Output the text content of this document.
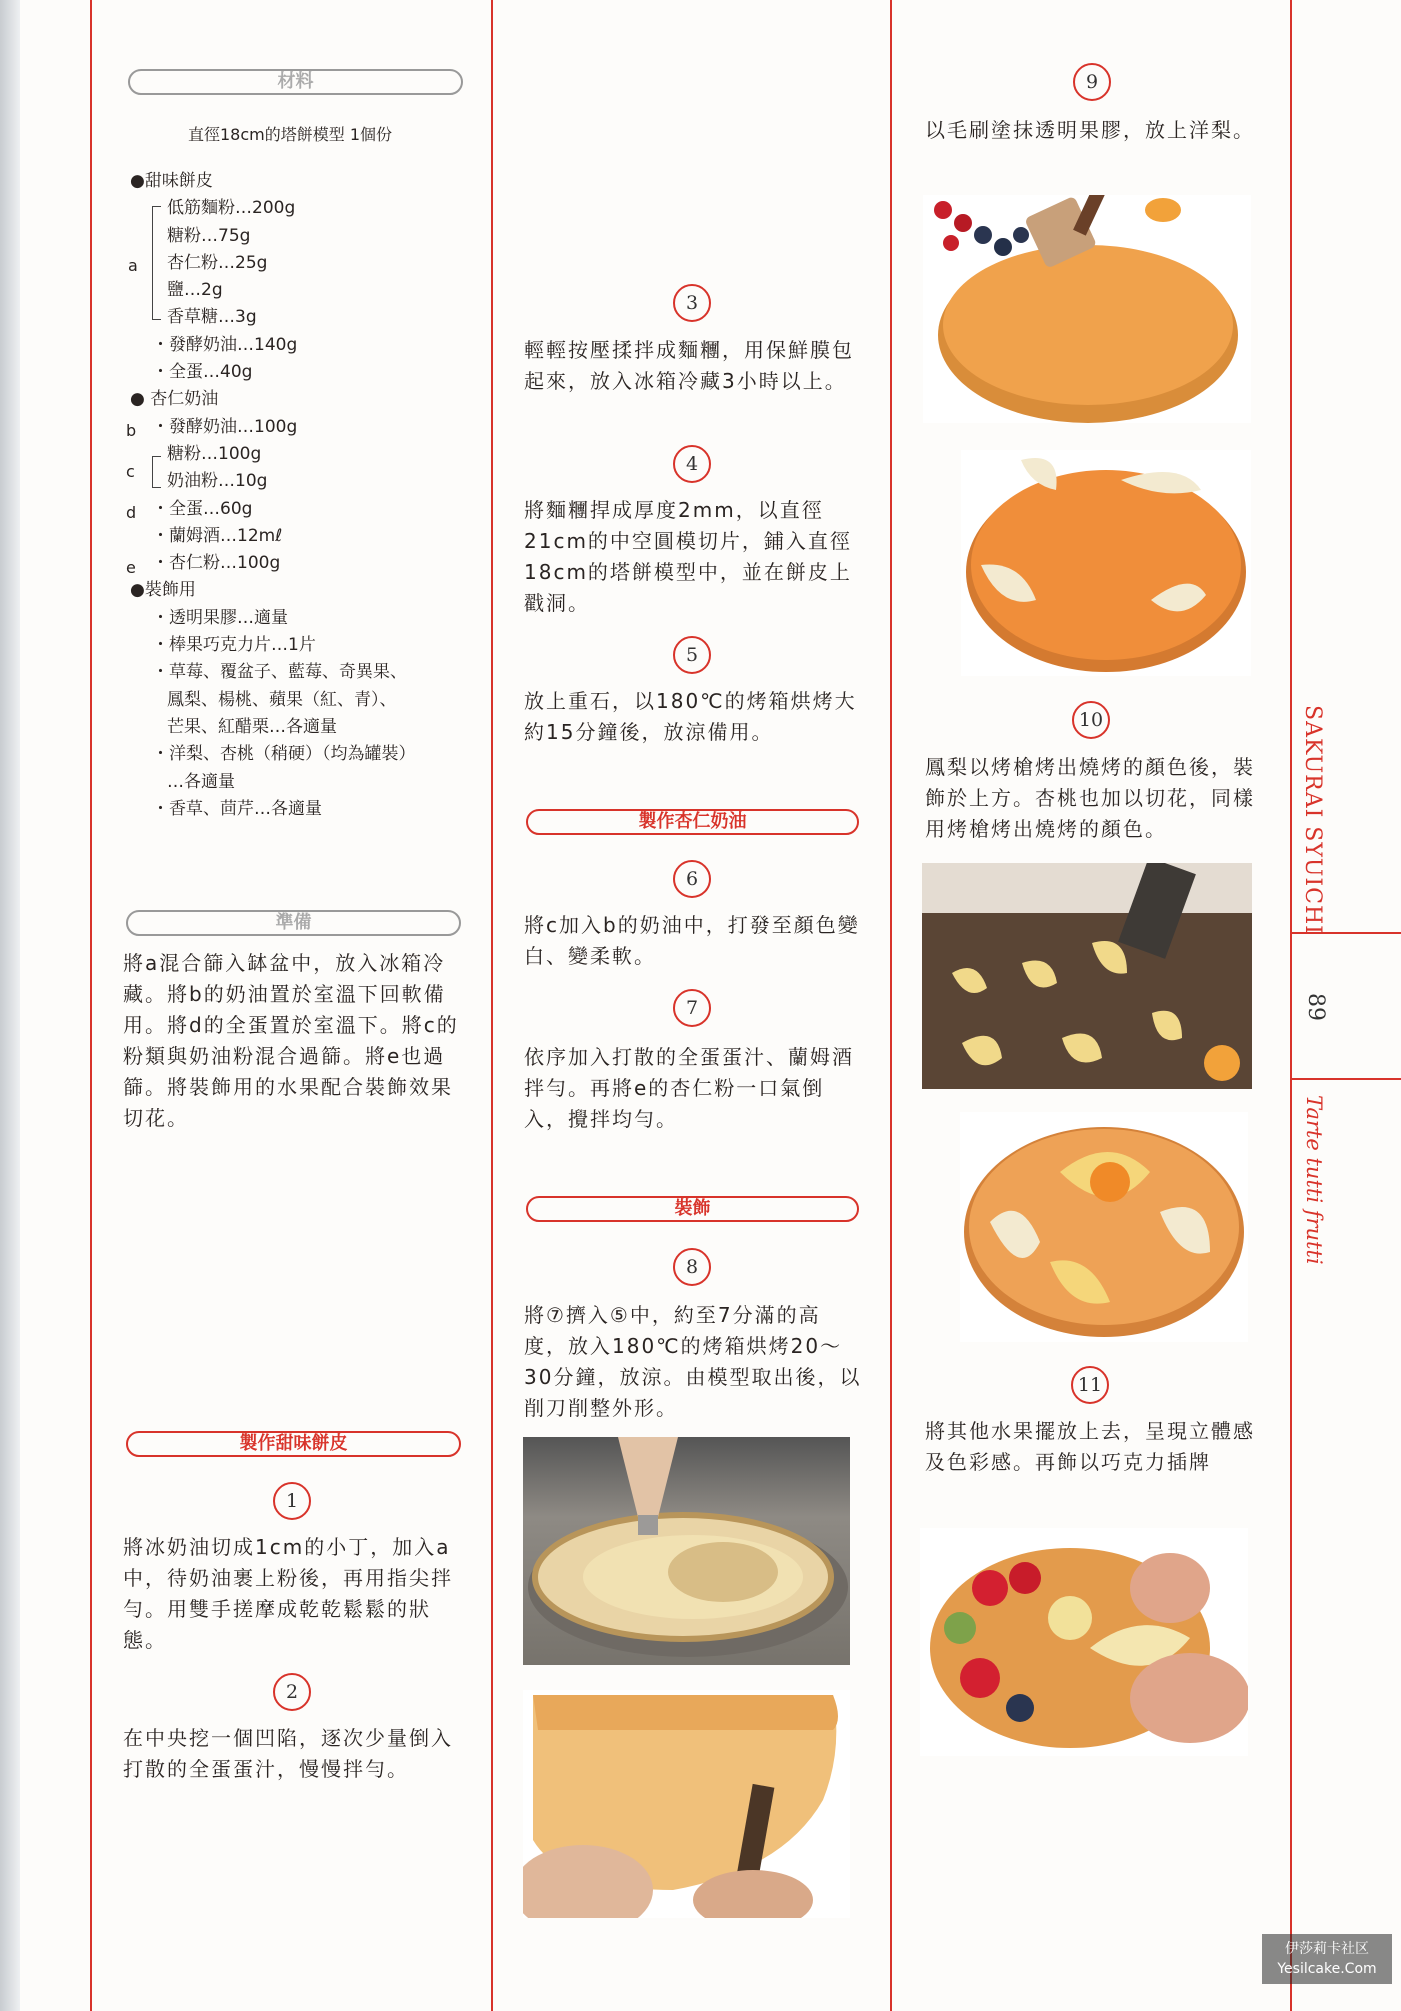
材料
直徑18cm的塔餅模型 1個份
●甜味餅皮
低筋麵粉…200g
糖粉…75g
杏仁粉…25g
鹽…2g
香草糖…3g
・發酵奶油…140g
・全蛋…40g
● 杏仁奶油
・發酵奶油…100g
糖粉…100g
奶油粉…10g
・全蛋…60g
・蘭姆酒…12mℓ
・杏仁粉…100g
●裝飾用
・透明果膠…適量
・棒果巧克力片…1片
・草莓、覆盆子、藍莓、奇異果、
鳳梨、楊桃、蘋果（紅、青）、
芒果、紅醋栗…各適量
・洋梨、杏桃（稍硬）（均為罐裝）
…各適量
・香草、茴芹…各適量
a
b
c
d
e
準備
將a混合篩入缽盆中，放入冰箱冷藏。將b的奶油置於室溫下回軟備用。將d的全蛋置於室溫下。將c的粉類與奶油粉混合過篩。將e也過篩。將裝飾用的水果配合裝飾效果切花。
製作甜味餅皮
1
將冰奶油切成1cm的小丁，加入a中，待奶油裹上粉後，再用指尖拌勻。用雙手搓摩成乾乾鬆鬆的狀態。
2
在中央挖一個凹陷，逐次少量倒入打散的全蛋蛋汁，慢慢拌勻。
3
輕輕按壓揉拌成麵糰，用保鮮膜包起來，放入冰箱冷藏3小時以上。
4
將麵糰捍成厚度2mm，以直徑21cm的中空圓模切片，鋪入直徑18cm的塔餅模型中，並在餅皮上戳洞。
5
放上重石，以180℃的烤箱烘烤大約15分鐘後，放涼備用。
製作杏仁奶油
6
將c加入b的奶油中，打發至顏色變白、變柔軟。
7
依序加入打散的全蛋蛋汁、蘭姆酒拌勻。再將e的杏仁粉一口氣倒入，攪拌均勻。
裝飾
8
將⑦擠入⑤中，約至7分滿的高度，放入180℃的烤箱烘烤20～30分鐘，放涼。由模型取出後，以削刀削整外形。
9
以毛刷塗抹透明果膠，放上洋梨。
10
鳳梨以烤槍烤出燒烤的顏色後，裝飾於上方。杏桃也加以切花，同樣用烤槍烤出燒烤的顏色。
11
將其他水果擺放上去，呈現立體感及色彩感。再飾以巧克力插牌
SAKURAI SYUICHI
89
Tarte tutti frutti
伊莎莉卡社区
Yesilcake.Com
